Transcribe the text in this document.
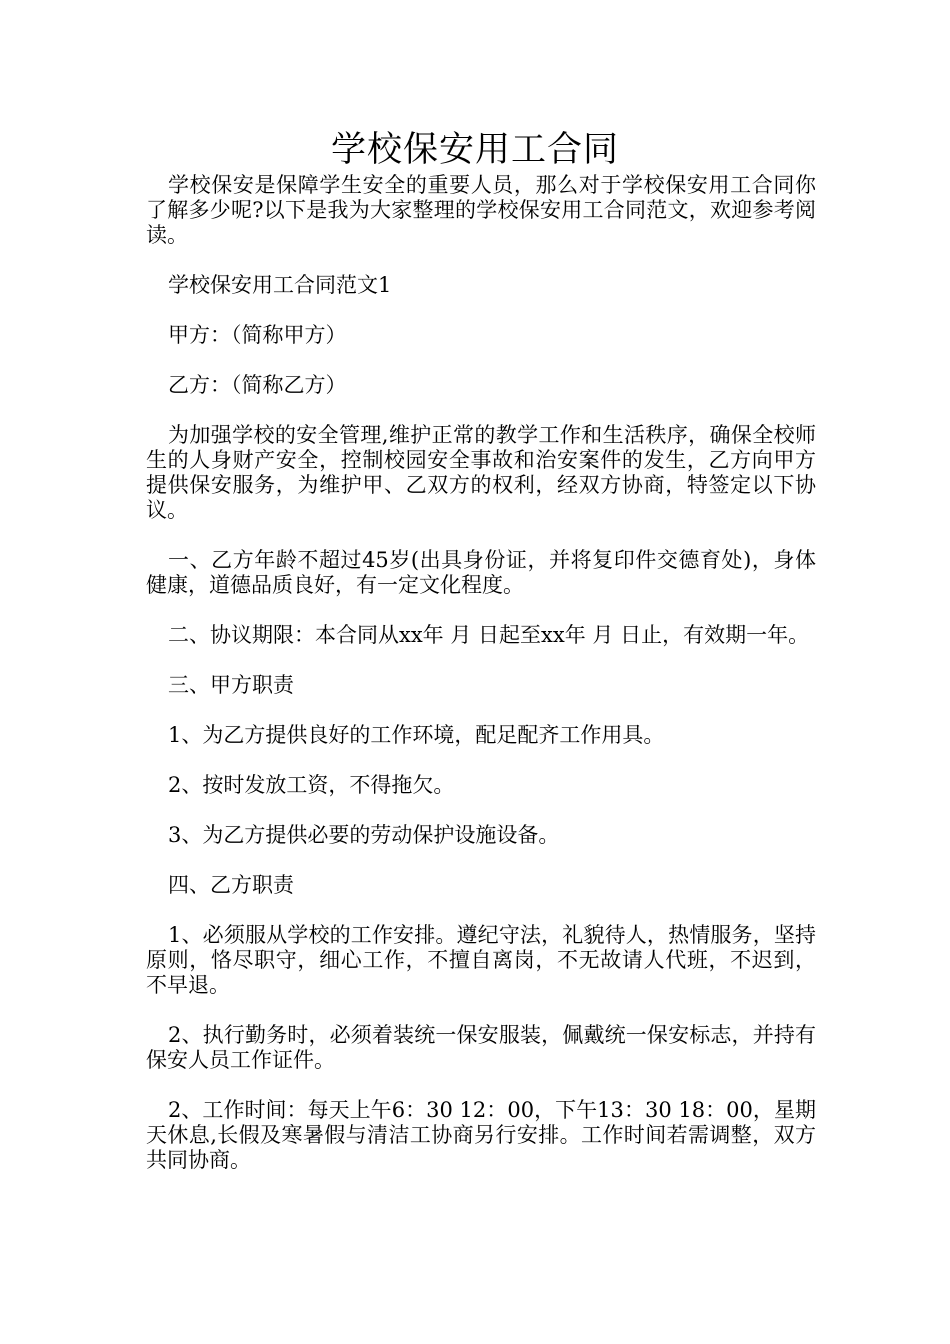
学校保安用工合同

学校保安是保障学生安全的重要人员，那么对于学校保安用工合同你了解多少呢?以下是我为大家整理的学校保安用工合同范文，欢迎参考阅读。

学校保安用工合同范文1

甲方：（简称甲方）

乙方：（简称乙方）

为加强学校的安全管理,维护正常的教学工作和生活秩序，确保全校师生的人身财产安全，控制校园安全事故和治安案件的发生，乙方向甲方提供保安服务，为维护甲、乙双方的权利，经双方协商，特签定以下协议。

一、乙方年龄不超过45岁(出具身份证，并将复印件交德育处)，身体健康，道德品质良好，有一定文化程度。

二、协议期限：本合同从xx年 月 日起至xx年 月 日止，有效期一年。

三、甲方职责

1、为乙方提供良好的工作环境，配足配齐工作用具。

2、按时发放工资，不得拖欠。

3、为乙方提供必要的劳动保护设施设备。

四、乙方职责

1、必须服从学校的工作安排。遵纪守法，礼貌待人，热情服务，坚持原则，恪尽职守，细心工作，不擅自离岗，不无故请人代班，不迟到，不早退。

2、执行勤务时，必须着装统一保安服装，佩戴统一保安标志，并持有保安人员工作证件。

2、工作时间：每天上午6：30 12：00，下午13：30 18：00，星期天休息,长假及寒暑假与清洁工协商另行安排。工作时间若需调整，双方共同协商。
